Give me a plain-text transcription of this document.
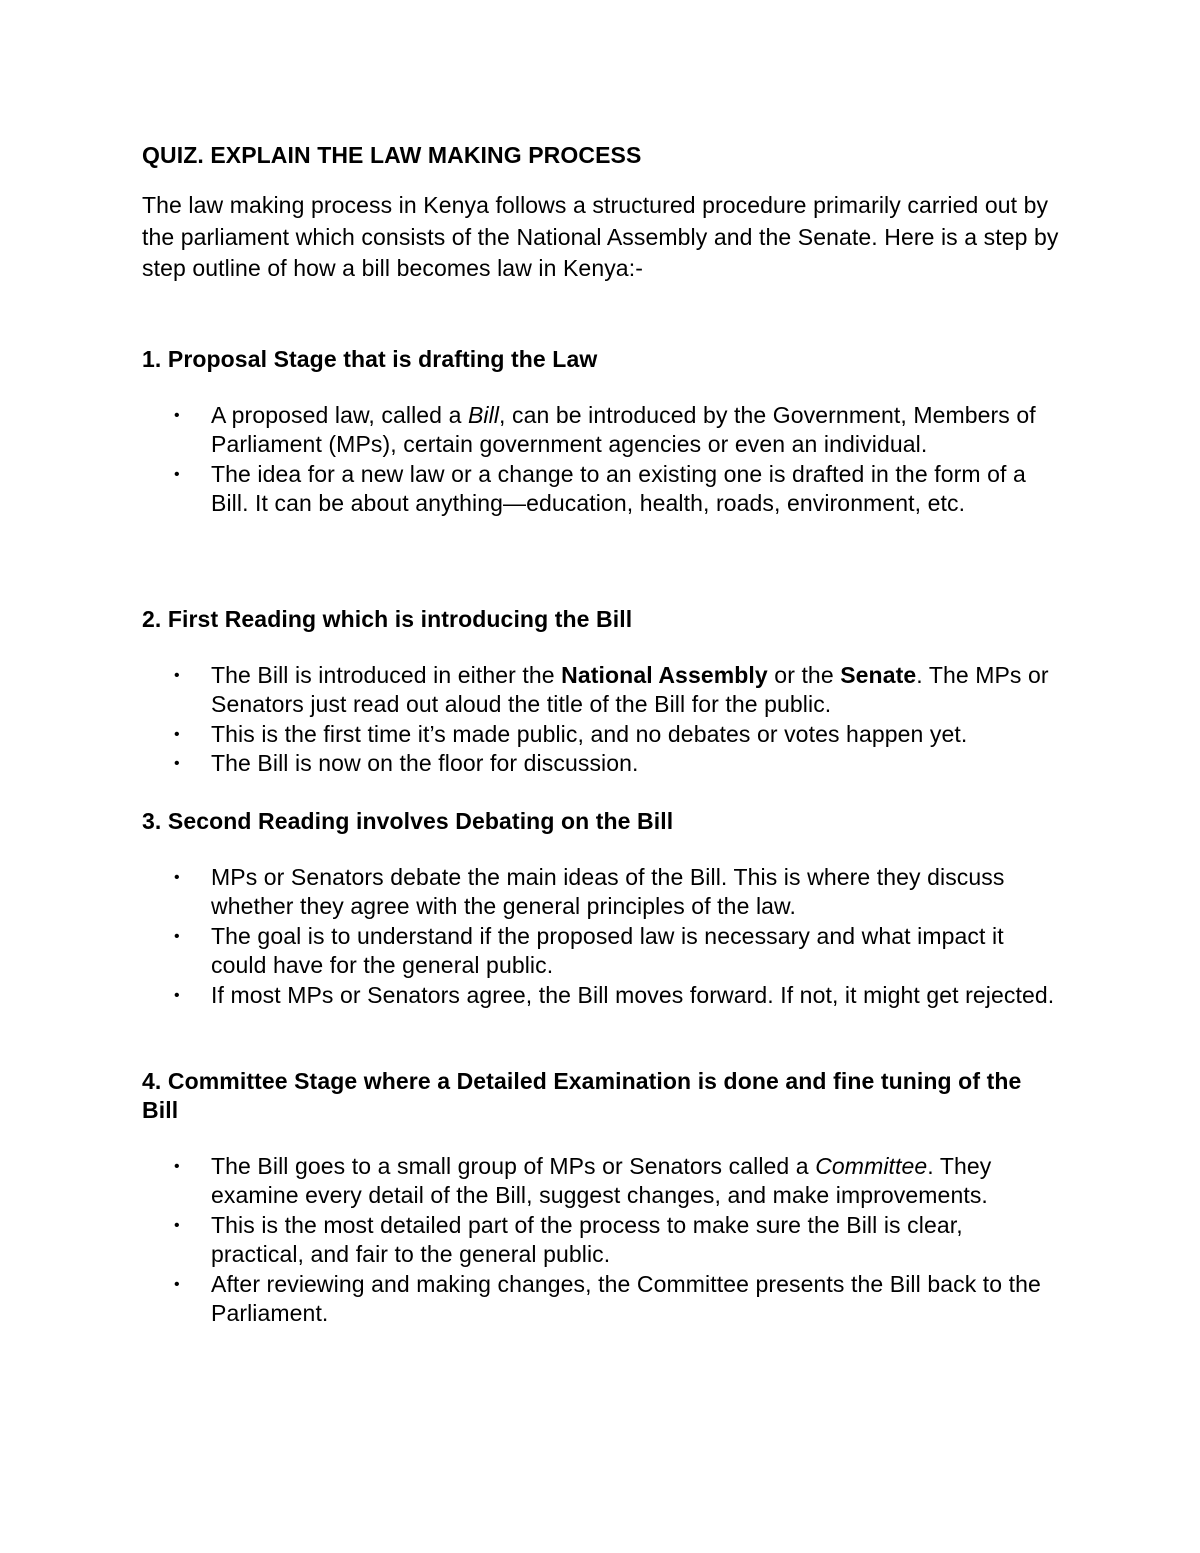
QUIZ. EXPLAIN THE LAW MAKING PROCESS

The law making process in Kenya follows a structured procedure primarily carried out by the parliament which consists of the National Assembly and the Senate. Here is a step by step outline of how a bill becomes law in Kenya:-

1. Proposal Stage that is drafting the Law
• A proposed law, called a Bill, can be introduced by the Government, Members of Parliament (MPs), certain government agencies or even an individual.
• The idea for a new law or a change to an existing one is drafted in the form of a Bill. It can be about anything—education, health, roads, environment, etc.
2. First Reading which is introducing the Bill
• The Bill is introduced in either the National Assembly or the Senate. The MPs or Senators just read out aloud the title of the Bill for the public.
• This is the first time it’s made public, and no debates or votes happen yet.
• The Bill is now on the floor for discussion.
3. Second Reading involves Debating on the Bill
• MPs or Senators debate the main ideas of the Bill. This is where they discuss whether they agree with the general principles of the law.
• The goal is to understand if the proposed law is necessary and what impact it could have for the general public.
• If most MPs or Senators agree, the Bill moves forward. If not, it might get rejected.
4. Committee Stage where a Detailed Examination is done and fine tuning of the Bill
• The Bill goes to a small group of MPs or Senators called a Committee. They examine every detail of the Bill, suggest changes, and make improvements.
• This is the most detailed part of the process to make sure the Bill is clear, practical, and fair to the general public.
• After reviewing and making changes, the Committee presents the Bill back to the Parliament.
